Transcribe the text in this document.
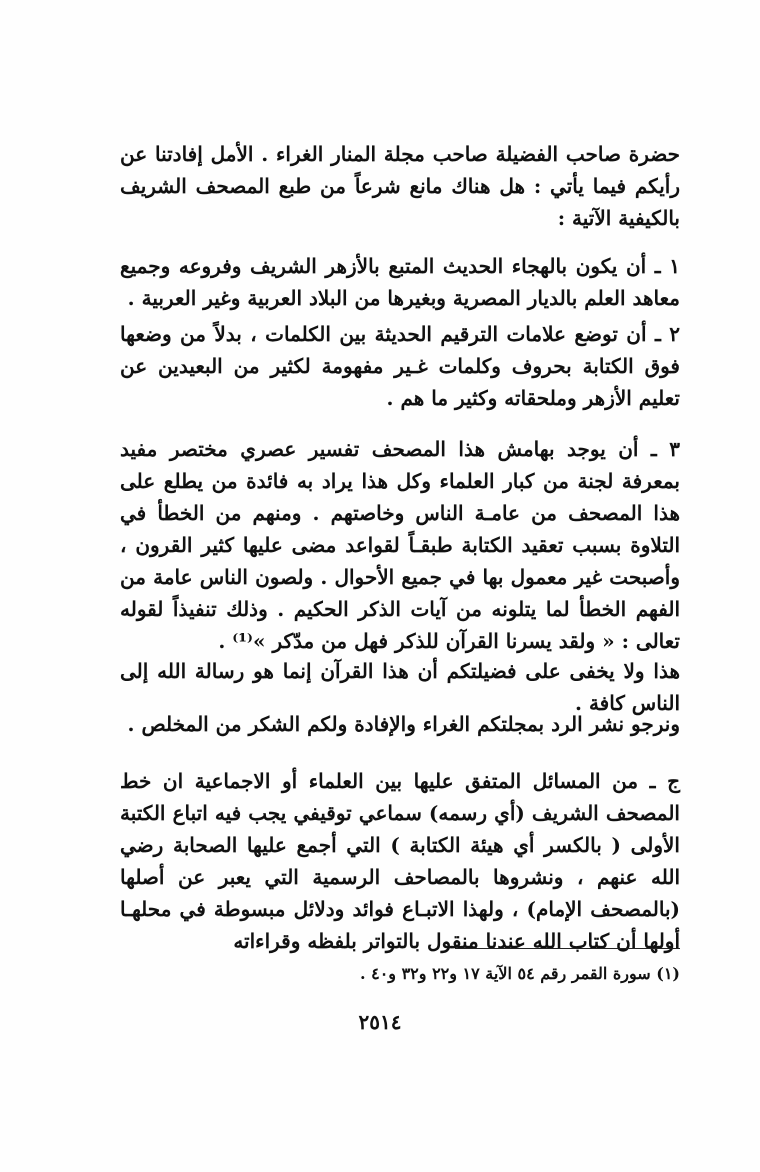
حضرة صاحب الفضيلة صاحب مجلة المنار الغراء . الأمل إفادتنا عن رأيكم فيما يأتي : هل هناك مانع شرعاً من طبع المصحف الشريف بالكيفية الآتية :

١ ـ أن يكون بالهجاء الحديث المتبع بالأزهر الشريف وفروعه وجميع معاهد العلم بالديار المصرية وبغيرها من البلاد العربية وغير العربية .

٢ ـ أن توضع علامات الترقيم الحديثة بين الكلمات ، بدلاً من وضعها فوق الكتابة بحروف وكلمات غـير مفهومة لكثير من البعيدين عن تعليم الأزهر وملحقاته وكثير ما هم .

٣ ـ أن يوجد بهامش هذا المصحف تفسير عصري مختصر مفيد بمعرفة لجنة من كبار العلماء وكل هذا يراد به فائدة من يطلع على هذا المصحف من عامـة الناس وخاصتهم . ومنهم من الخطأ في التلاوة بسبب تعقيد الكتابة طبقـاً لقواعد مضى عليها كثير القرون ، وأصبحت غير معمول بها في جميع الأحوال . ولصون الناس عامة من الفهم الخطأ لما يتلونه من آيات الذكر الحكيم . وذلك تنفيذاً لقوله تعالى : « ولقد يسرنا القرآن للذكر فهل من مدّكر »⁽¹⁾ .

هذا ولا يخفى على فضيلتكم أن هذا القرآن إنما هو رسالة الله إلى الناس كافة .

ونرجو نشر الرد بمجلتكم الغراء والإفادة ولكم الشكر من المخلص .

ج ـ من المسائل المتفق عليها بين العلماء أو الاجماعية ان خط المصحف الشريف (أي رسمه) سماعي توقيفي يجب فيه اتباع الكتبة الأولى ( بالكسر أي هيئة الكتابة ) التي أجمع عليها الصحابة رضي الله عنهم ، ونشروها بالمصاحف الرسمية التي يعبر عن أصلها (بالمصحف الإمام) ، ولهذا الاتبـاع فوائد ودلائل مبسوطة في محلهـا أولها أن كتاب الله عندنا منقول بالتواتر بلفظه وقراءاته

(١) سورة القمر رقم ٥٤ الآية ١٧ و٢٢ و٣٢ و٤٠ .

٢٥١٤
